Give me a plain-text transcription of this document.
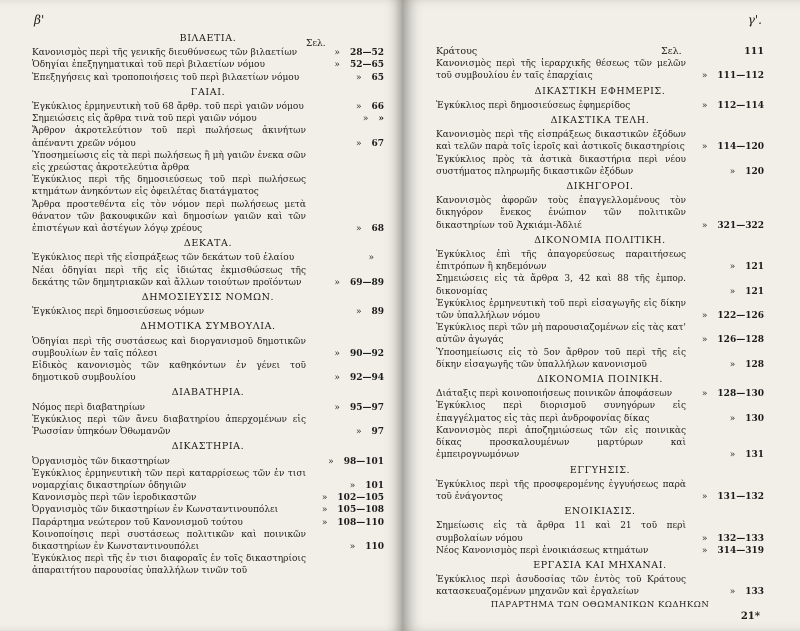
β'
Σελ.
ΒΙΛΑΕΤΙΑ.
Κανονισμὸς περὶ τῆς γενικῆς διευθύνσεως τῶν βιλαετίων	» 28—52
Ὁδηγίαι ἐπεξηγηματικαὶ τοῦ περὶ βιλαετίων νόμου	» 52—65
Ἐπεξηγήσεις καὶ τροποποιήσεις τοῦ περὶ βιλαετίων νόμου	» 65
ΓΑΙΑΙ.
Ἐγκύκλιος ἑρμηνευτικὴ τοῦ 68 ἄρθρ. τοῦ περὶ γαιῶν νόμου	» 66
Σημειώσεις εἰς ἄρθρα τινὰ τοῦ περὶ γαιῶν νόμου	» »
Ἄρθρον ἀκροτελεύτιον τοῦ περὶ πωλήσεως ἀκινήτων ἀπέναντι χρεῶν νόμου	» 67
Ὑποσημείωσις εἰς τὰ περὶ πωλήσεως ἢ μὴ γαιῶν ἐνεκα σῶν εἰς χρεώστας ἀκροτελεύτια ἄρθρα
Ἐγκύκλιος περὶ τῆς δημοσιεύσεως τοῦ περὶ πωλήσεως κτημάτων ἀνηκόντων εἰς ὀφειλέτας διατάγματος
Ἄρθρα προστεθέντα εἰς τὸν νόμον περὶ πωλήσεως μετὰ θάνατον τῶν βακουφικῶν καὶ δημοσίων γαιῶν καὶ τῶν ἐπιστέγων καὶ ἀστέγων λόγῳ χρέους	» 68
ΔΕΚΑΤΑ.
Ἐγκύκλιος περὶ τῆς εἰσπράξεως τῶν δεκάτων τοῦ ἐλαίου	»
Νέαι ὁδηγίαι περὶ τῆς εἰς ἰδιώτας ἐκμισθώσεως τῆς δεκάτης τῶν δημητριακῶν καὶ ἄλλων τοιούτων προϊόντων	» 69—89
ΔΗΜΟΣΙΕΥΣΙΣ ΝΟΜΩΝ.
Ἐγκύκλιος περὶ δημοσιεύσεως νόμων	» 89
ΔΗΜΟΤΙΚΑ ΣΥΜΒΟΥΛΙΑ.
Ὁδηγίαι περὶ τῆς συστάσεως καὶ διοργανισμοῦ δημοτικῶν συμβουλίων ἐν ταῖς πόλεσι	» 90—92
Εἰδικὸς κανονισμὸς τῶν καθηκόντων ἐν γένει τοῦ δημοτικοῦ συμβουλίου	» 92—94
ΔΙΑΒΑΤΗΡΙΑ.
Νόμος περὶ διαβατηρίων	» 95—97
Ἐγκύκλιος περὶ τῶν ἄνευ διαβατηρίου ἀπερχομένων εἰς Ῥωσσίαν ὑπηκόων Ὀθωμανῶν	» 97
ΔΙΚΑΣΤΗΡΙΑ.
Ὀργανισμὸς τῶν δικαστηρίων	» 98—101
Ἐγκύκλιος ἑρμηνευτικὴ τῶν περὶ καταρρίσεως τῶν ἐν τισι νομαρχίαις δικαστηρίων ὁδηγιῶν	» 101
Κανονισμὸς περὶ τῶν ἱεροδικαστῶν	» 102—105
Ὀργανισμὸς τῶν δικαστηρίων ἐν Κωνσταντινουπόλει	» 105—108
Παράρτημα νεώτερον τοῦ Κανονισμοῦ τούτου	» 108—110
Κοινοποίησις περὶ συστάσεως πολιτικῶν καὶ ποινικῶν δικαστηρίων ἐν Κωνσταντινουπόλει	» 110
Ἐγκύκλιος περὶ τῆς ἐν τισι διαφοραῖς ἐν τοῖς δικαστηρίοις ἀπαραιτήτου παρουσίας ὑπαλλήλων τινῶν τοῦ
γ'.
Κράτους	Σελ.	111
Κανονισμὸς περὶ τῆς ἱεραρχικῆς θέσεως τῶν μελῶν τοῦ συμβουλίου ἐν ταῖς ἐπαρχίαις	» 111—112
ΔΙΚΑΣΤΙΚΗ ΕΦΗΜΕΡΙΣ.
Ἐγκύκλιος περὶ δημοσιεύσεως ἐφημερίδος	» 112—114
ΔΙΚΑΣΤΙΚΑ ΤΕΛΗ.
Κανονισμὸς περὶ τῆς εἰσπράξεως δικαστικῶν ἐξόδων καὶ τελῶν παρὰ τοῖς ἱεροῖς καὶ ἀστικοῖς δικαστηρίοις	» 114—120
Ἐγκύκλιος πρὸς τὰ ἀστικὰ δικαστήρια περὶ νέου συστήματος πληρωμῆς δικαστικῶν ἐξόδων	» 120
ΔΙΚΗΓΟΡΟΙ.
Κανονισμὸς ἀφορῶν τοὺς ἐπαγγελλομένους τὸν δικηγόρον ἔνεκος ἐνώπιον τῶν πολιτικῶν δικαστηρίων τοῦ Ἀχκιάμι-Ἀδλιέ	» 321—322
ΔΙΚΟΝΟΜΙΑ ΠΟΛΙΤΙΚΗ.
Ἐγκύκλιος ἐπὶ τῆς ἀπαγορεύσεως παραιτήσεως ἐπιτρόπων ἢ κηδεμόνων	» 121
Σημειώσεις εἰς τὰ ἄρθρα 3, 42 καὶ 88 τῆς ἐμπορ. δικονομίας	» 121
Ἐγκύκλιος ἑρμηνευτικὴ τοῦ περὶ εἰσαγωγῆς εἰς δίκην τῶν ὑπαλλήλων νόμου	» 122—126
Ἐγκύκλιος περὶ τῶν μὴ παρουσιαζομένων εἰς τὰς κατ' αὐτῶν ἀγωγάς	» 126—128
Ὑποσημείωσις εἰς τὸ 5ον ἄρθρον τοῦ περὶ τῆς εἰς δίκην εἰσαγωγῆς τῶν ὑπαλλήλων κανονισμοῦ	» 128
ΔΙΚΟΝΟΜΙΑ ΠΟΙΝΙΚΗ.
Διάταξις περὶ κοινοποιήσεως ποινικῶν ἀποφάσεων	» 128—130
Ἐγκύκλιος περὶ διορισμοῦ συνηγόρων εἰς ἐπαγγέλματος εἰς τὰς περὶ ἀνδροφονίας δίκας	» 130
Κανονισμὸς περὶ ἀποζημιώσεως τῶν εἰς ποινικὰς δίκας προσκαλουμένων μαρτύρων καὶ ἐμπειρογνωμόνων	» 131
ΕΓΓΥΗΣΙΣ.
Ἐγκύκλιος περὶ τῆς προσφερομένης ἐγγυήσεως παρὰ τοῦ ἐνάγοντος	» 131—132
ΕΝΟΙΚΙΑΣΙΣ.
Σημείωσις εἰς τὰ ἄρθρα 11 καὶ 21 τοῦ περὶ συμβολαίων νόμου	» 132—133
Νέος Κανονισμὸς περὶ ἐνοικιάσεως κτημάτων	» 314—319
ΕΡΓΑΣΙΑ ΚΑΙ ΜΗΧΑΝΑΙ.
Ἐγκύκλιος περὶ ἀσυδοσίας τῶν ἐντὸς τοῦ Κράτους κατασκευαζομένων μηχανῶν καὶ ἐργαλείων	» 133
ΠΑΡΑΡΤΗΜΑ ΤΩΝ ΟΘΩΜΑΝΙΚΩΝ ΚΩΔΗΚΩΝ
21*
